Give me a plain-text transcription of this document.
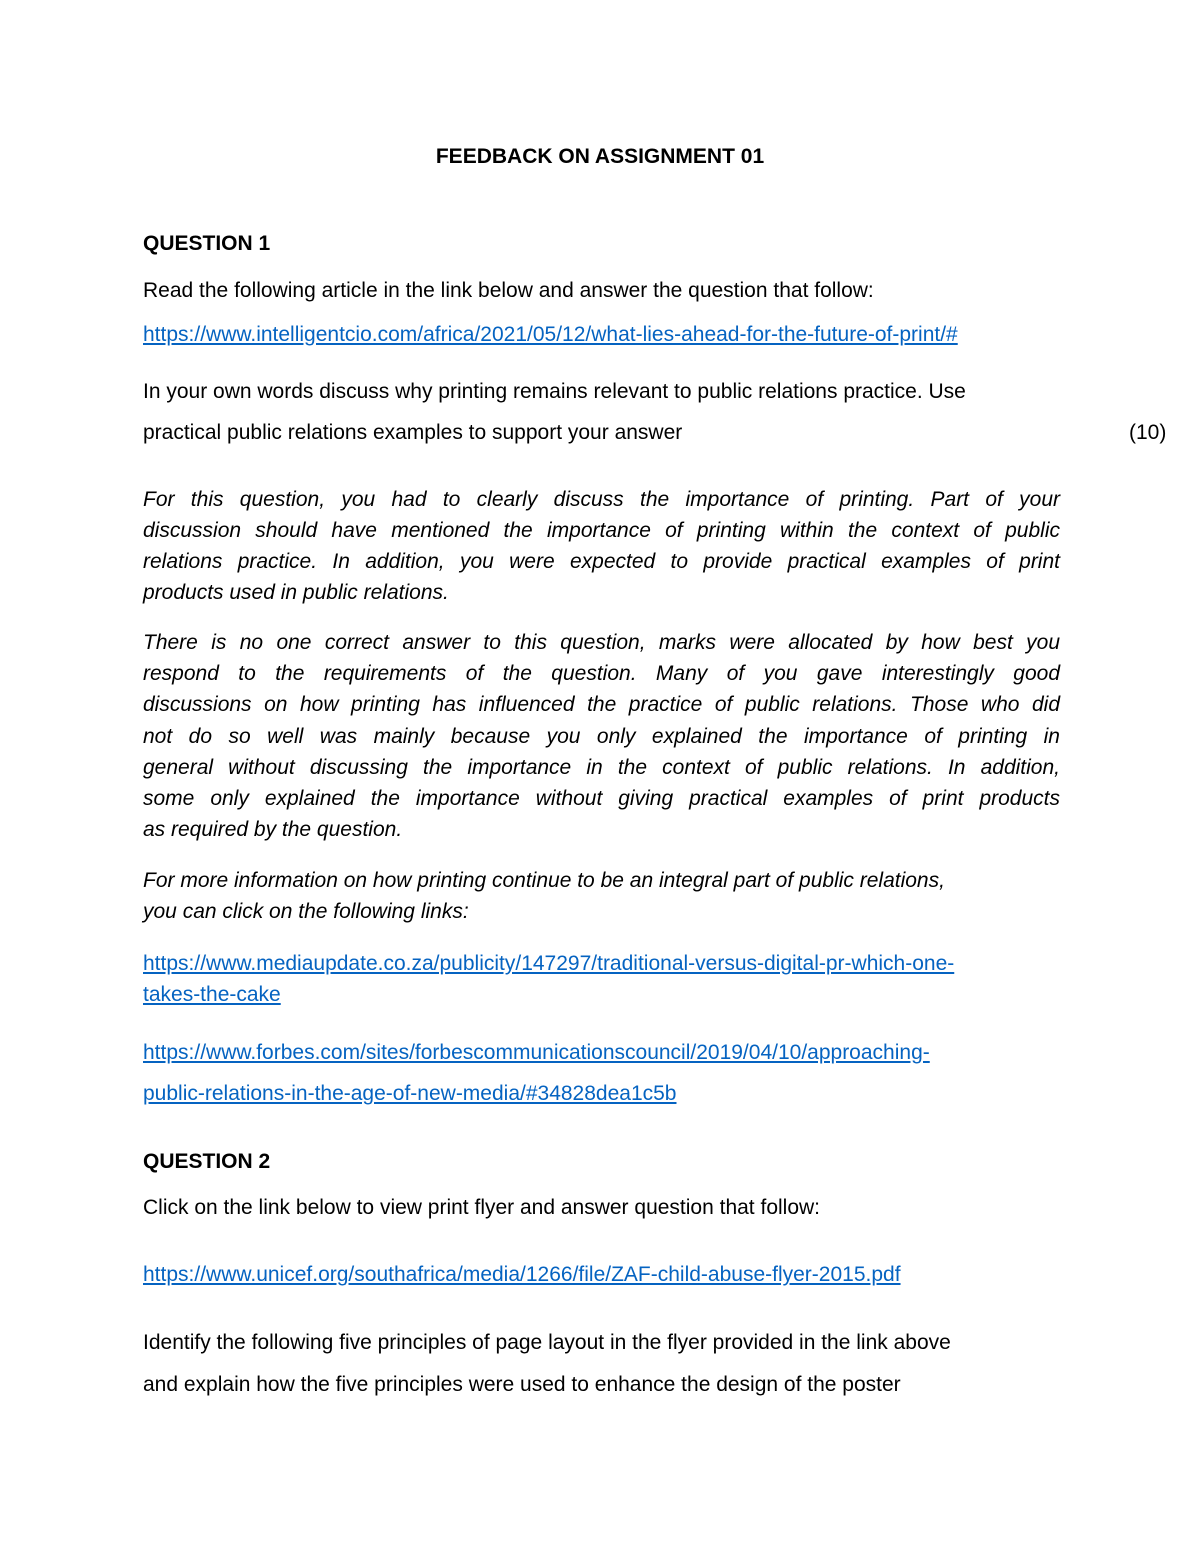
FEEDBACK ON ASSIGNMENT 01
QUESTION 1
Read the following article in the link below and answer the question that follow:
https://www.intelligentcio.com/africa/2021/05/12/what-lies-ahead-for-the-future-of-print/#
In your own words discuss why printing remains relevant to public relations practice. Use
practical public relations examples to support your answer	(10)
For this question, you had to clearly discuss the importance of printing. Part of your
discussion should have mentioned the importance of printing within the context of public
relations practice. In addition, you were expected to provide practical examples of print
products used in public relations.
There is no one correct answer to this question, marks were allocated by how best you
respond to the requirements of the question. Many of you gave interestingly good
discussions on how printing has influenced the practice of public relations. Those who did
not do so well was mainly because you only explained the importance of printing in
general without discussing the importance in the context of public relations. In addition,
some only explained the importance without giving practical examples of print products
as required by the question.
For more information on how printing continue to be an integral part of public relations,
you can click on the following links:
https://www.mediaupdate.co.za/publicity/147297/traditional-versus-digital-pr-which-one-
takes-the-cake
https://www.forbes.com/sites/forbescommunicationscouncil/2019/04/10/approaching-
public-relations-in-the-age-of-new-media/#34828dea1c5b
QUESTION 2
Click on the link below to view print flyer and answer question that follow:
https://www.unicef.org/southafrica/media/1266/file/ZAF-child-abuse-flyer-2015.pdf
Identify the following five principles of page layout in the flyer provided in the link above
and explain how the five principles were used to enhance the design of the poster
